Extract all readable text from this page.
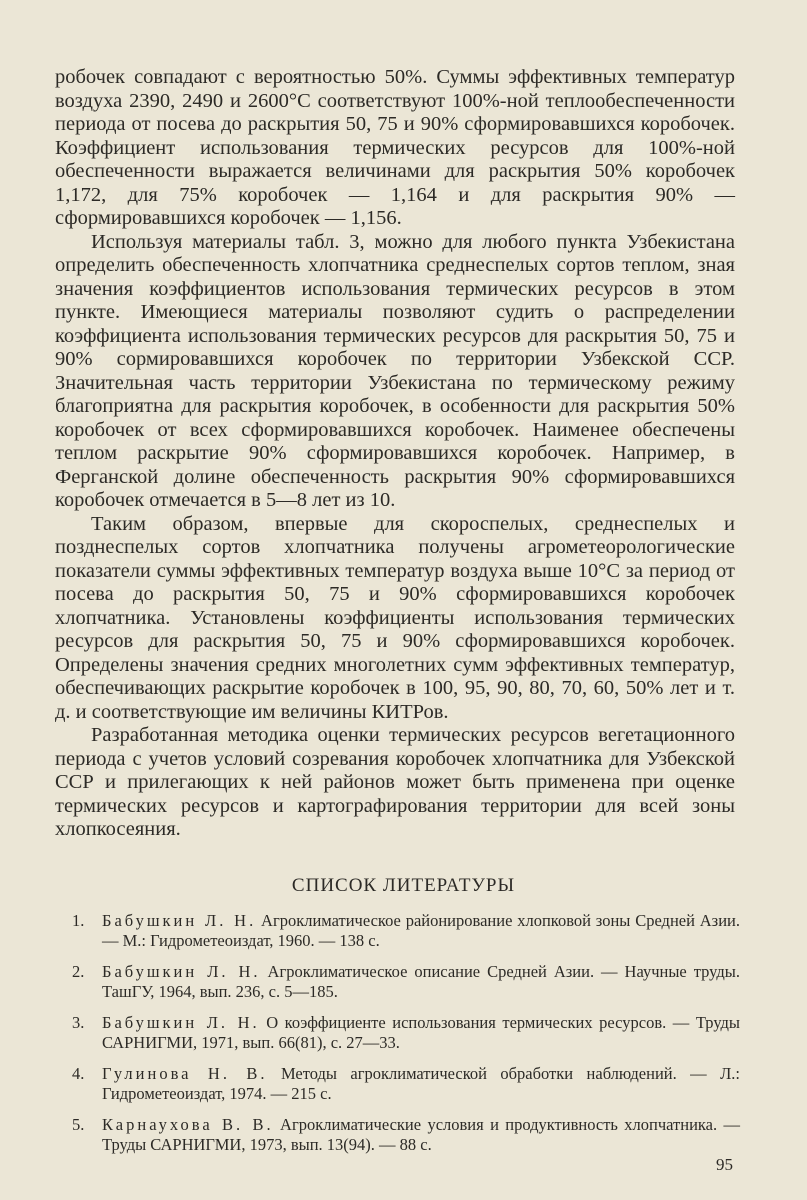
робочек совпадают с вероятностью 50%. Суммы эффективных температур воздуха 2390, 2490 и 2600°С соответствуют 100%-ной теплообеспеченности периода от посева до раскрытия 50, 75 и 90% сформировавшихся коробочек. Коэффициент использования термических ресурсов для 100%-ной обеспеченности выражается величинами для раскрытия 50% коробочек 1,172, для 75% коробочек — 1,164 и для раскрытия 90% — сформировавшихся коробочек — 1,156.

Используя материалы табл. 3, можно для любого пункта Узбекистана определить обеспеченность хлопчатника среднеспелых сортов теплом, зная значения коэффициентов использования термических ресурсов в этом пункте. Имеющиеся материалы позволяют судить о распределении коэффициента использования термических ресурсов для раскрытия 50, 75 и 90% сормировавшихся коробочек по территории Узбекской ССР. Значительная часть территории Узбекистана по термическому режиму благоприятна для раскрытия коробочек, в особенности для раскрытия 50% коробочек от всех сформировавшихся коробочек. Наименее обеспечены теплом раскрытие 90% сформировавшихся коробочек. Например, в Ферганской долине обеспеченность раскрытия 90% сформировавшихся коробочек отмечается в 5—8 лет из 10.

Таким образом, впервые для скороспелых, среднеспелых и позднеспелых сортов хлопчатника получены агрометеорологические показатели суммы эффективных температур воздуха выше 10°С за период от посева до раскрытия 50, 75 и 90% сформировавшихся коробочек хлопчатника. Установлены коэффициенты использования термических ресурсов для раскрытия 50, 75 и 90% сформировавшихся коробочек. Определены значения средних многолетних сумм эффективных температур, обеспечивающих раскрытие коробочек в 100, 95, 90, 80, 70, 60, 50% лет и т. д. и соответствующие им величины КИТРов.

Разработанная методика оценки термических ресурсов вегетационного периода с учетов условий созревания коробочек хлопчатника для Узбекской ССР и прилегающих к ней районов может быть применена при оценке термических ресурсов и картографирования территории для всей зоны хлопкосеяния.

СПИСОК ЛИТЕРАТУРЫ
1.	Бабушкин Л. Н. Агроклиматическое районирование хлопковой зоны Средней Азии. — М.: Гидрометеоиздат, 1960. — 138 с.
2.	Бабушкин Л. Н. Агроклиматическое описание Средней Азии. — Научные труды. ТашГУ, 1964, вып. 236, с. 5—185.
3.	Бабушкин Л. Н. О коэффициенте использования термических ресурсов. — Труды САРНИГМИ, 1971, вып. 66(81), с. 27—33.
4.	Гулинова Н. В. Методы агроклиматической обработки наблюдений. — Л.: Гидрометеоиздат, 1974. — 215 с.
5.	Карнаухова В. В. Агроклиматические условия и продуктивность хлопчатника. — Труды САРНИГМИ, 1973, вып. 13(94). — 88 с.
95
